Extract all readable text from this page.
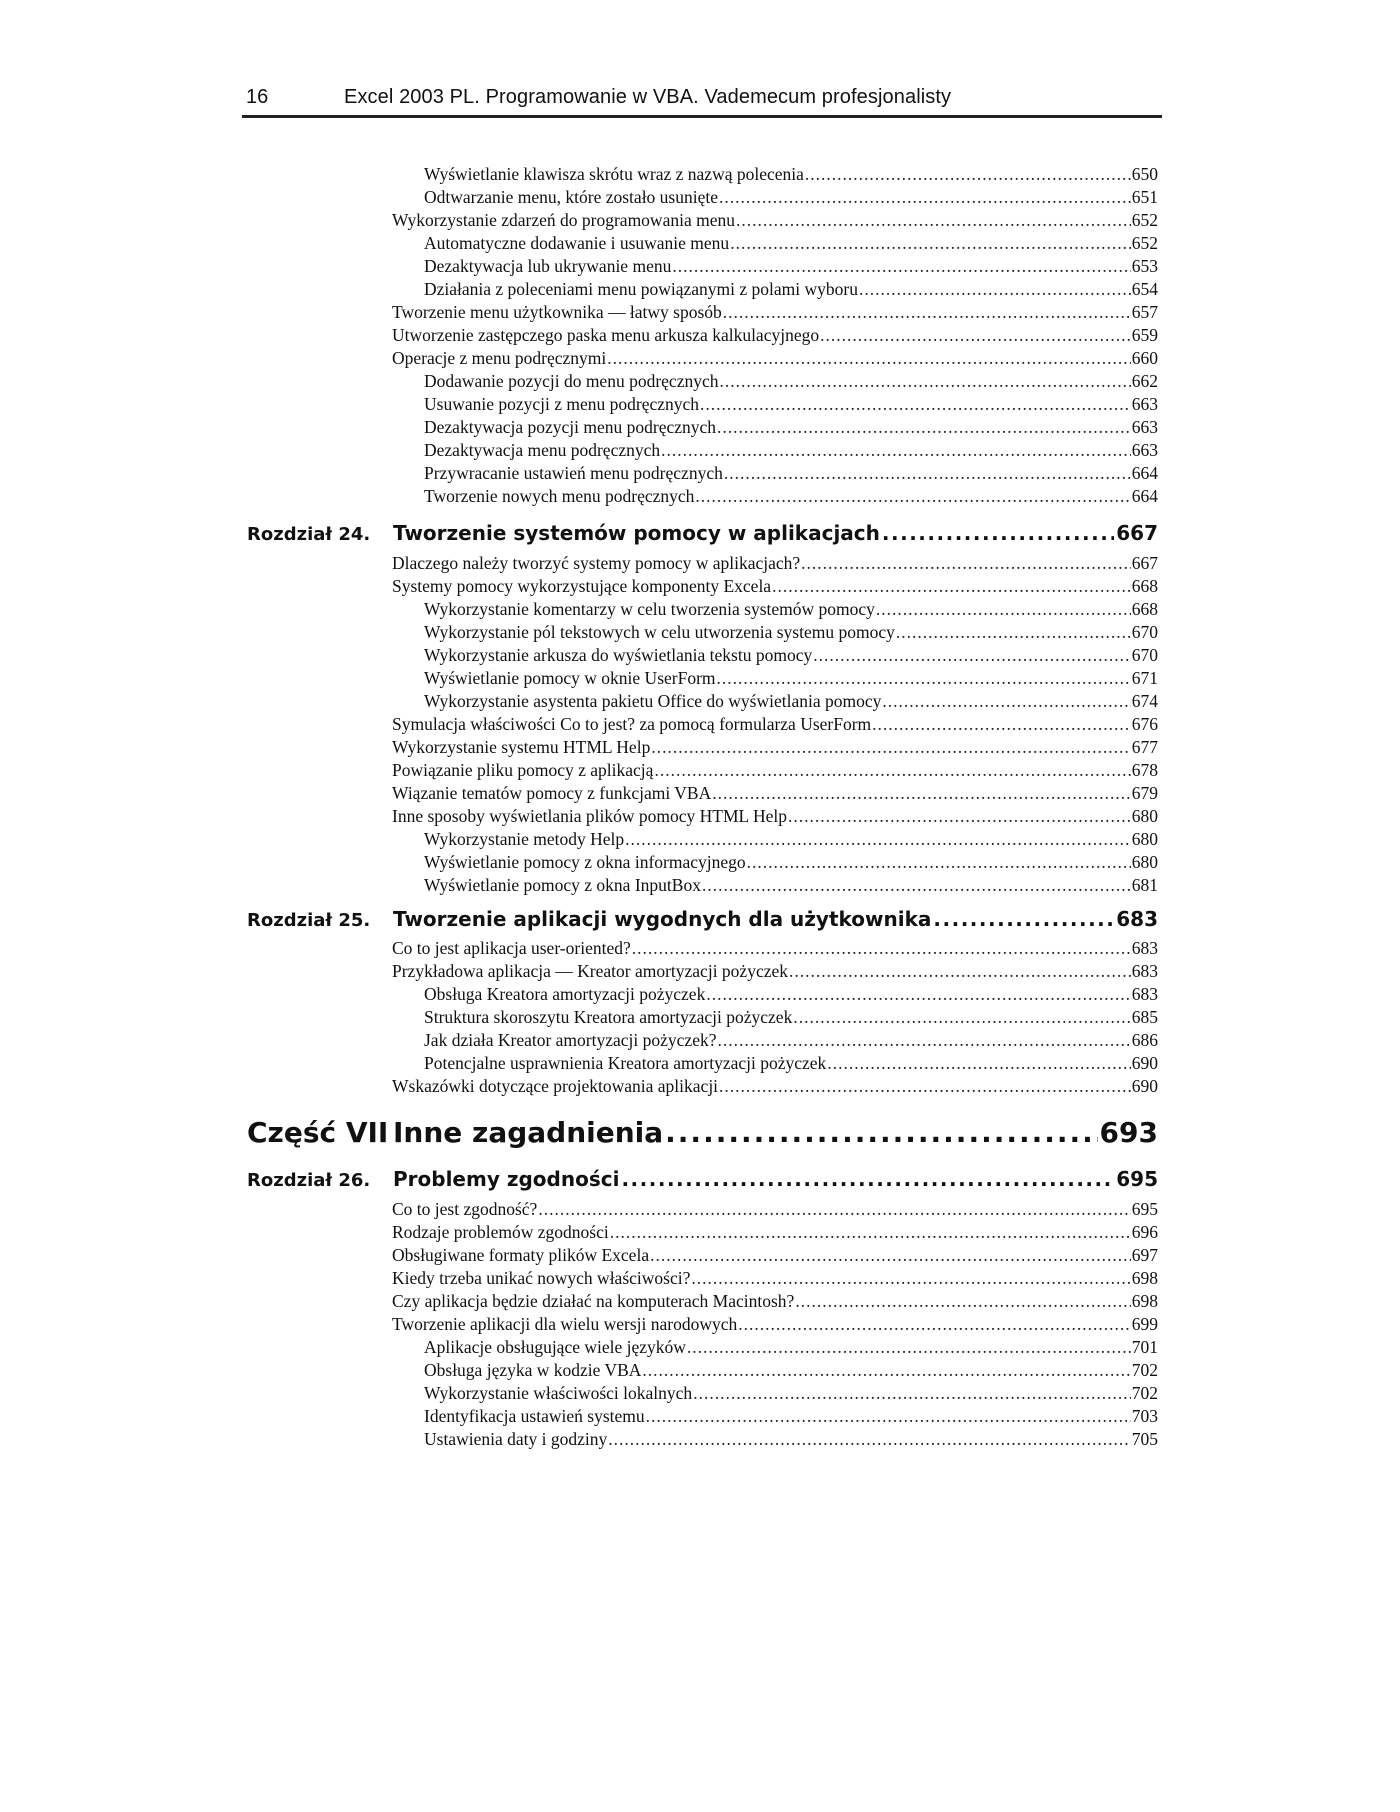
16	Excel 2003 PL. Programowanie w VBA. Vademecum profesjonalisty
Wyświetlanie klawisza skrótu wraz z nazwą polecenia .....	650
Odtwarzanie menu, które zostało usunięte .....	651
Wykorzystanie zdarzeń do programowania menu .....	652
Automatyczne dodawanie i usuwanie menu .....	652
Dezaktywacja lub ukrywanie menu .....	653
Działania z poleceniami menu powiązanymi z polami wyboru .....	654
Tworzenie menu użytkownika — łatwy sposób .....	657
Utworzenie zastępczego paska menu arkusza kalkulacyjnego .....	659
Operacje z menu podręcznymi .....	660
Dodawanie pozycji do menu podręcznych .....	662
Usuwanie pozycji z menu podręcznych .....	663
Dezaktywacja pozycji menu podręcznych .....	663
Dezaktywacja menu podręcznych .....	663
Przywracanie ustawień menu podręcznych .....	664
Tworzenie nowych menu podręcznych .....	664
Rozdział 24.	Tworzenie systemów pomocy w aplikacjach .....	667
Dlaczego należy tworzyć systemy pomocy w aplikacjach? .....	667
Systemy pomocy wykorzystujące komponenty Excela .....	668
Wykorzystanie komentarzy w celu tworzenia systemów pomocy .....	668
Wykorzystanie pól tekstowych w celu utworzenia systemu pomocy .....	670
Wykorzystanie arkusza do wyświetlania tekstu pomocy .....	670
Wyświetlanie pomocy w oknie UserForm .....	671
Wykorzystanie asystenta pakietu Office do wyświetlania pomocy .....	674
Symulacja właściwości Co to jest? za pomocą formularza UserForm .....	676
Wykorzystanie systemu HTML Help .....	677
Powiązanie pliku pomocy z aplikacją .....	678
Wiązanie tematów pomocy z funkcjami VBA .....	679
Inne sposoby wyświetlania plików pomocy HTML Help .....	680
Wykorzystanie metody Help .....	680
Wyświetlanie pomocy z okna informacyjnego .....	680
Wyświetlanie pomocy z okna InputBox .....	681
Rozdział 25.	Tworzenie aplikacji wygodnych dla użytkownika .....	683
Co to jest aplikacja user-oriented? .....	683
Przykładowa aplikacja — Kreator amortyzacji pożyczek .....	683
Obsługa Kreatora amortyzacji pożyczek .....	683
Struktura skoroszytu Kreatora amortyzacji pożyczek .....	685
Jak działa Kreator amortyzacji pożyczek? .....	686
Potencjalne usprawnienia Kreatora amortyzacji pożyczek .....	690
Wskazówki dotyczące projektowania aplikacji .....	690
Część VII Inne zagadnienia .....	693
Rozdział 26.	Problemy zgodności .....	695
Co to jest zgodność? .....	695
Rodzaje problemów zgodności .....	696
Obsługiwane formaty plików Excela .....	697
Kiedy trzeba unikać nowych właściwości? .....	698
Czy aplikacja będzie działać na komputerach Macintosh? .....	698
Tworzenie aplikacji dla wielu wersji narodowych .....	699
Aplikacje obsługujące wiele języków .....	701
Obsługa języka w kodzie VBA .....	702
Wykorzystanie właściwości lokalnych .....	702
Identyfikacja ustawień systemu .....	703
Ustawienia daty i godziny .....	705
